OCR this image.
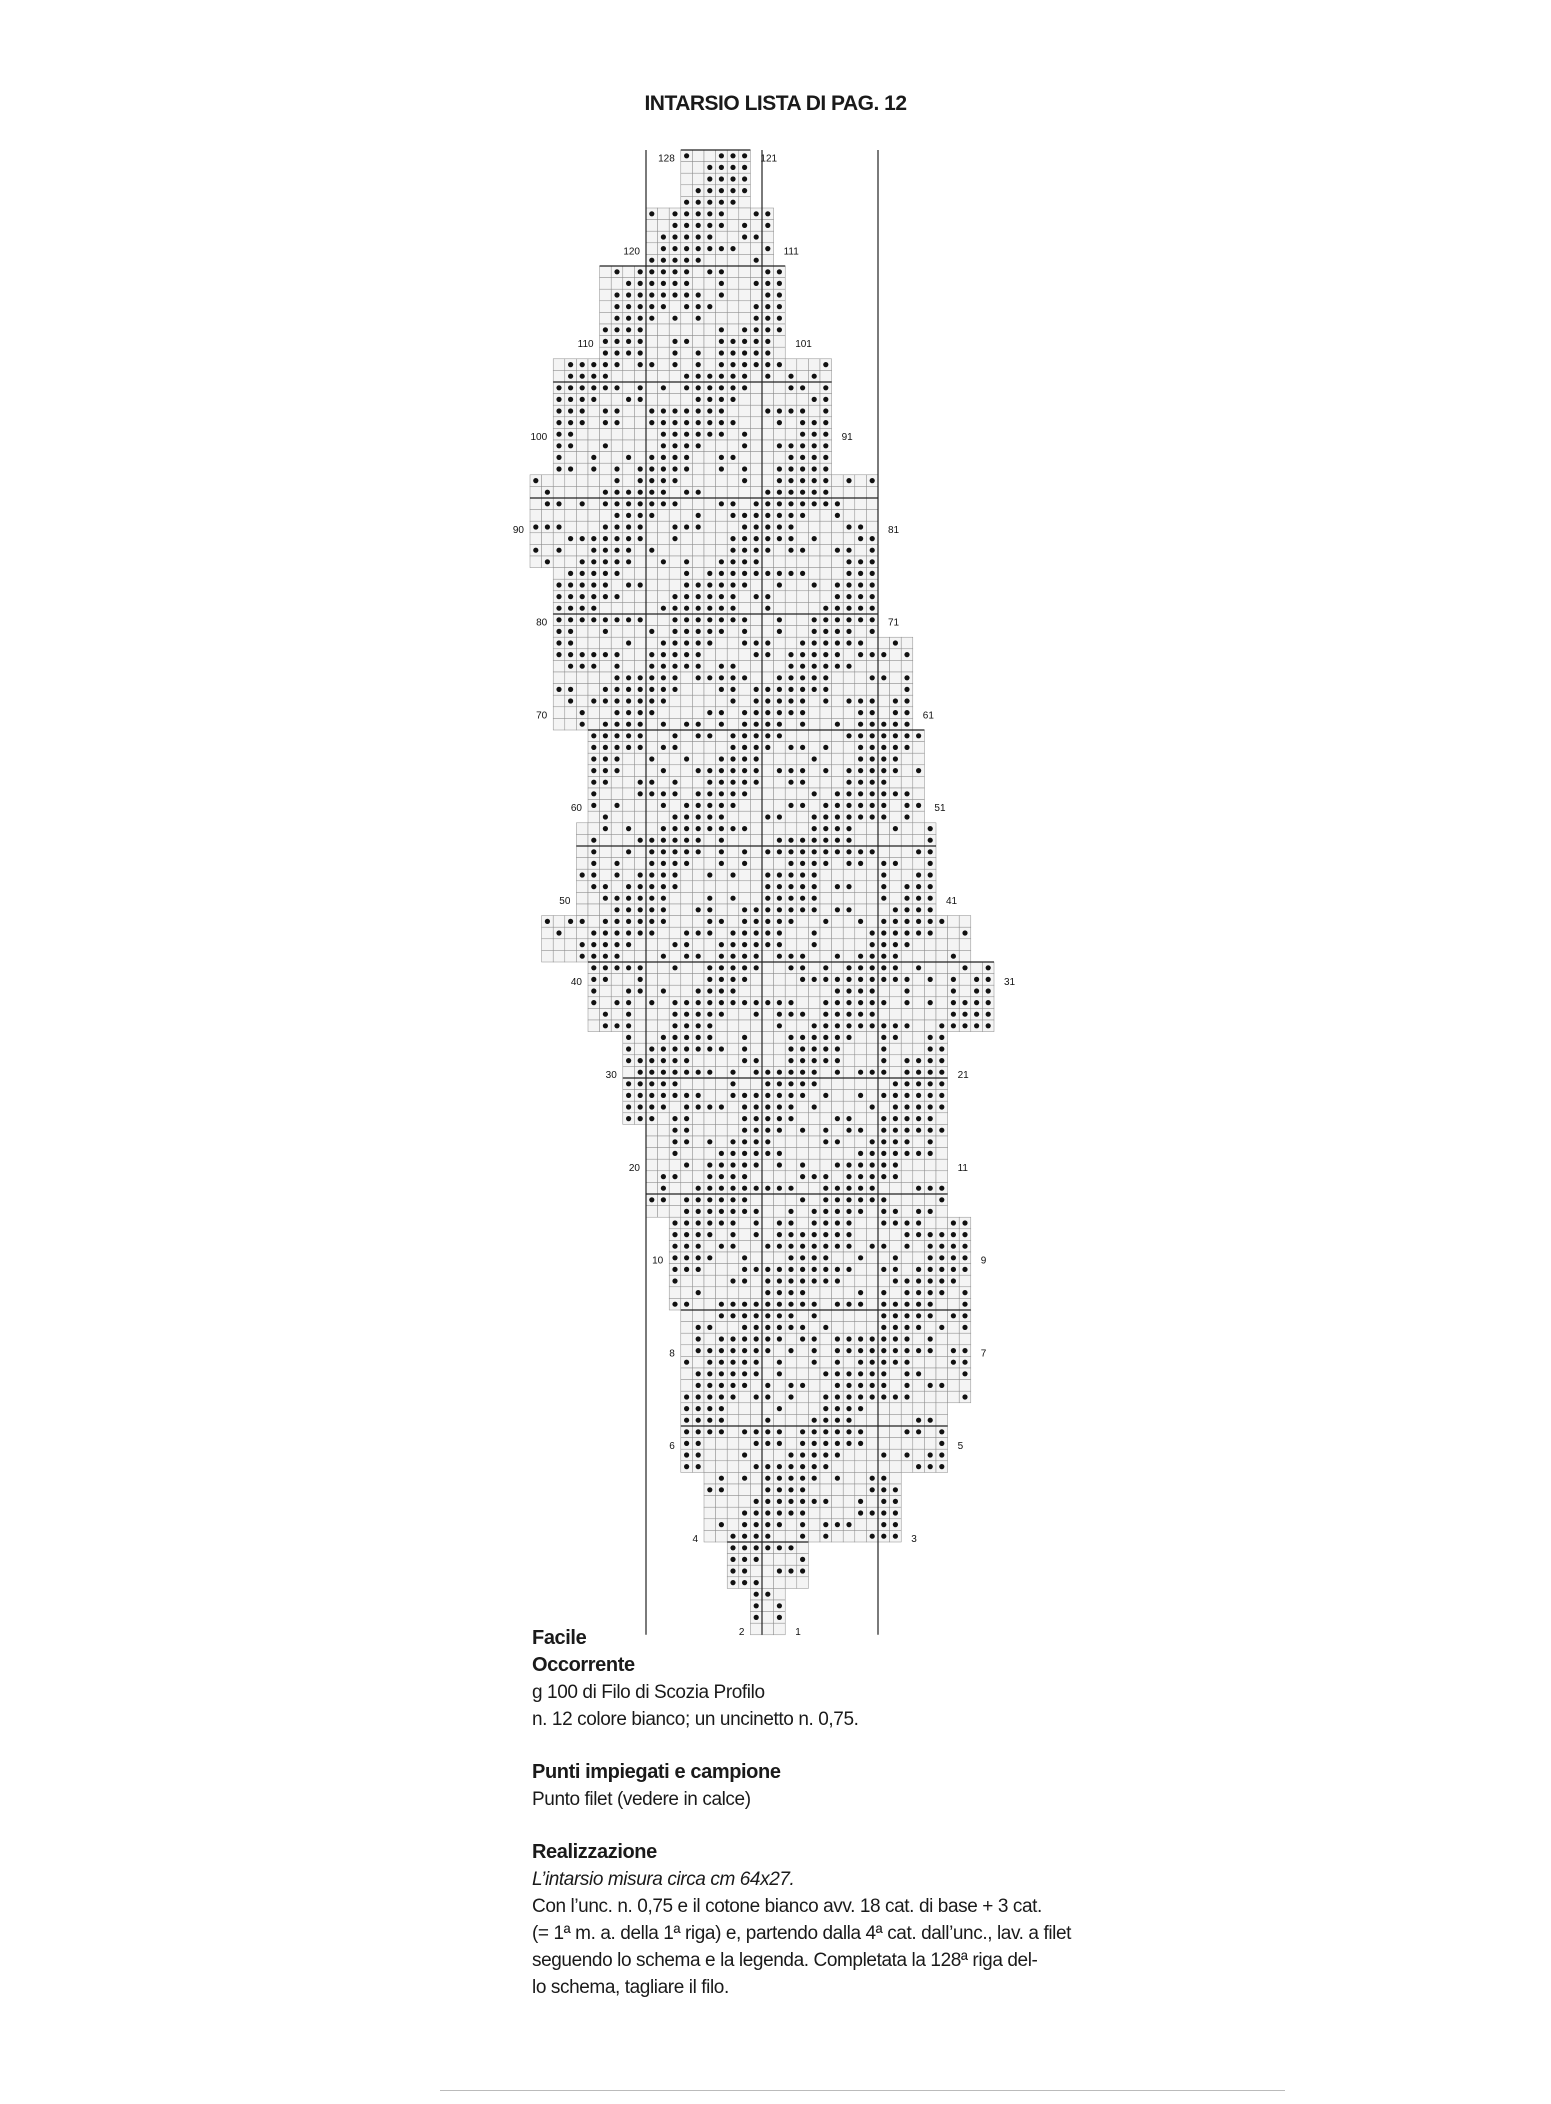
INTARSIO LISTA DI PAG. 12
128
120
110
100
90
80
70
60
50
40
30
20
10
8
6
4
2
121
111
101
91
81
71
61
51
41
31
21
11
9
7
5
3
1

Facile

Occorrente

g 100 di Filo di Scozia Profilo

n. 12 colore bianco; un uncinetto n. 0,75.

Punti impiegati e campione

Punto filet (vedere in calce)

Realizzazione

L’intarsio misura circa cm 64x27.

Con l’unc. n. 0,75 e il cotone bianco avv. 18 cat. di base + 3 cat.

(= 1ª m. a. della 1ª riga) e, partendo dalla 4ª cat. dall’unc., lav. a filet

seguendo lo schema e la legenda. Completata la 128ª riga del-

lo schema, tagliare il filo.
